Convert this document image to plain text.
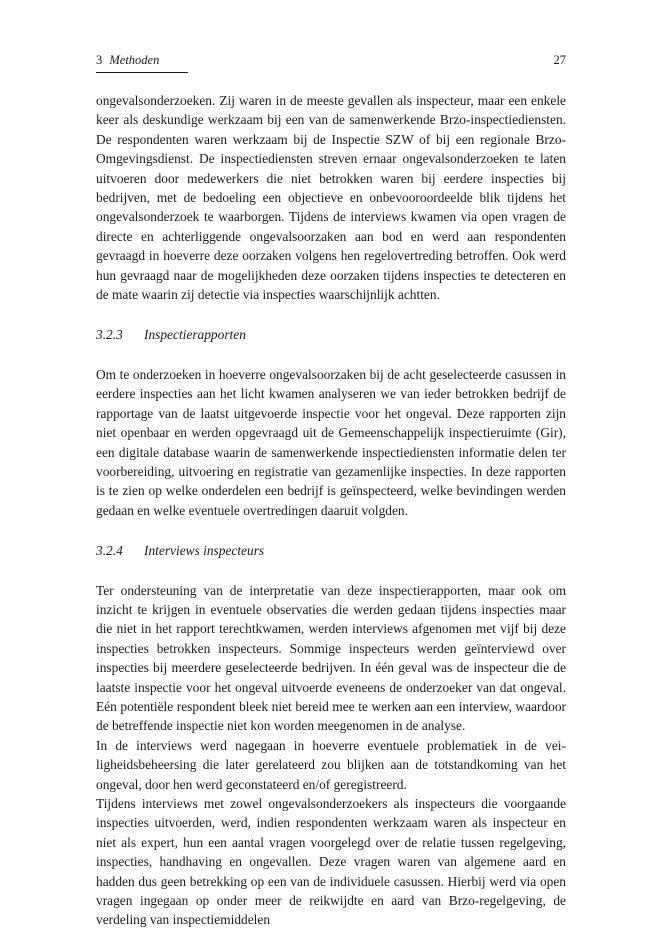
3 Methoden	27

ongevalsonderzoeken. Zij waren in de meeste gevallen als inspecteur, maar een enkele keer als deskundige werkzaam bij een van de samenwerkende Brzo-inspectiediensten. De respondenten waren werkzaam bij de Inspectie SZW of bij een regionale Brzo-Omgevingsdienst. De inspectiediensten streven ernaar ongevalsonderzoeken te laten uitvoeren door medewerkers die niet betrokken waren bij eerdere inspecties bij bedrijven, met de bedoeling een objectieve en onbevooroordeelde blik tijdens het ongevalsonderzoek te waarborgen. Tijdens de interviews kwamen via open vragen de directe en achterliggende ongevalsoorzaken aan bod en werd aan respondenten gevraagd in hoeverre deze oorzaken volgens hen regelovertreding betroffen. Ook werd hun gevraagd naar de mogelijkheden deze oorzaken tijdens inspecties te detecteren en de mate waarin zij detectie via inspecties waarschijnlijk achtten.

3.2.3 Inspectierapporten

Om te onderzoeken in hoeverre ongevalsoorzaken bij de acht geselecteerde casussen in eerdere inspecties aan het licht kwamen analyseren we van ieder betrokken bedrijf de rapportage van de laatst uitgevoerde inspectie voor het ongeval. Deze rapporten zijn niet openbaar en werden opgevraagd uit de Gemeenschappelijk inspectieruimte (Gir), een digitale database waarin de samenwerkende inspectiediensten informatie delen ter voorbereiding, uitvoering en registratie van gezamenlijke inspecties. In deze rapporten is te zien op welke onderdelen een bedrijf is geïnspecteerd, welke bevindingen werden gedaan en welke eventuele overtredingen daaruit volgden.

3.2.4 Interviews inspecteurs

Ter ondersteuning van de interpretatie van deze inspectierapporten, maar ook om inzicht te krijgen in eventuele observaties die werden gedaan tijdens inspecties maar die niet in het rapport terechtkwamen, werden interviews afgenomen met vijf bij deze inspecties betrokken inspecteurs. Sommige inspecteurs werden geïnterviewd over inspecties bij meerdere geselecteerde bedrijven. In één geval was de inspecteur die de laatste inspectie voor het ongeval uitvoerde eveneens de onderzoeker van dat ongeval. Eén potentiële respondent bleek niet bereid mee te werken aan een interview, waardoor de betreffende inspectie niet kon worden meegenomen in de analyse.

In de interviews werd nagegaan in hoeverre eventuele problematiek in de veiligheidsbeheersing die later gerelateerd zou blijken aan de totstandkoming van het ongeval, door hen werd geconstateerd en/of geregistreerd.

Tijdens interviews met zowel ongevalsonderzoekers als inspecteurs die voorgaande inspecties uitvoerden, werd, indien respondenten werkzaam waren als inspecteur en niet als expert, hun een aantal vragen voorgelegd over de relatie tussen regelgeving, inspecties, handhaving en ongevallen. Deze vragen waren van algemene aard en hadden dus geen betrekking op een van de individuele casussen. Hierbij werd via open vragen ingegaan op onder meer de reikwijdte en aard van Brzo-regelgeving, de verdeling van inspectiemiddelen
